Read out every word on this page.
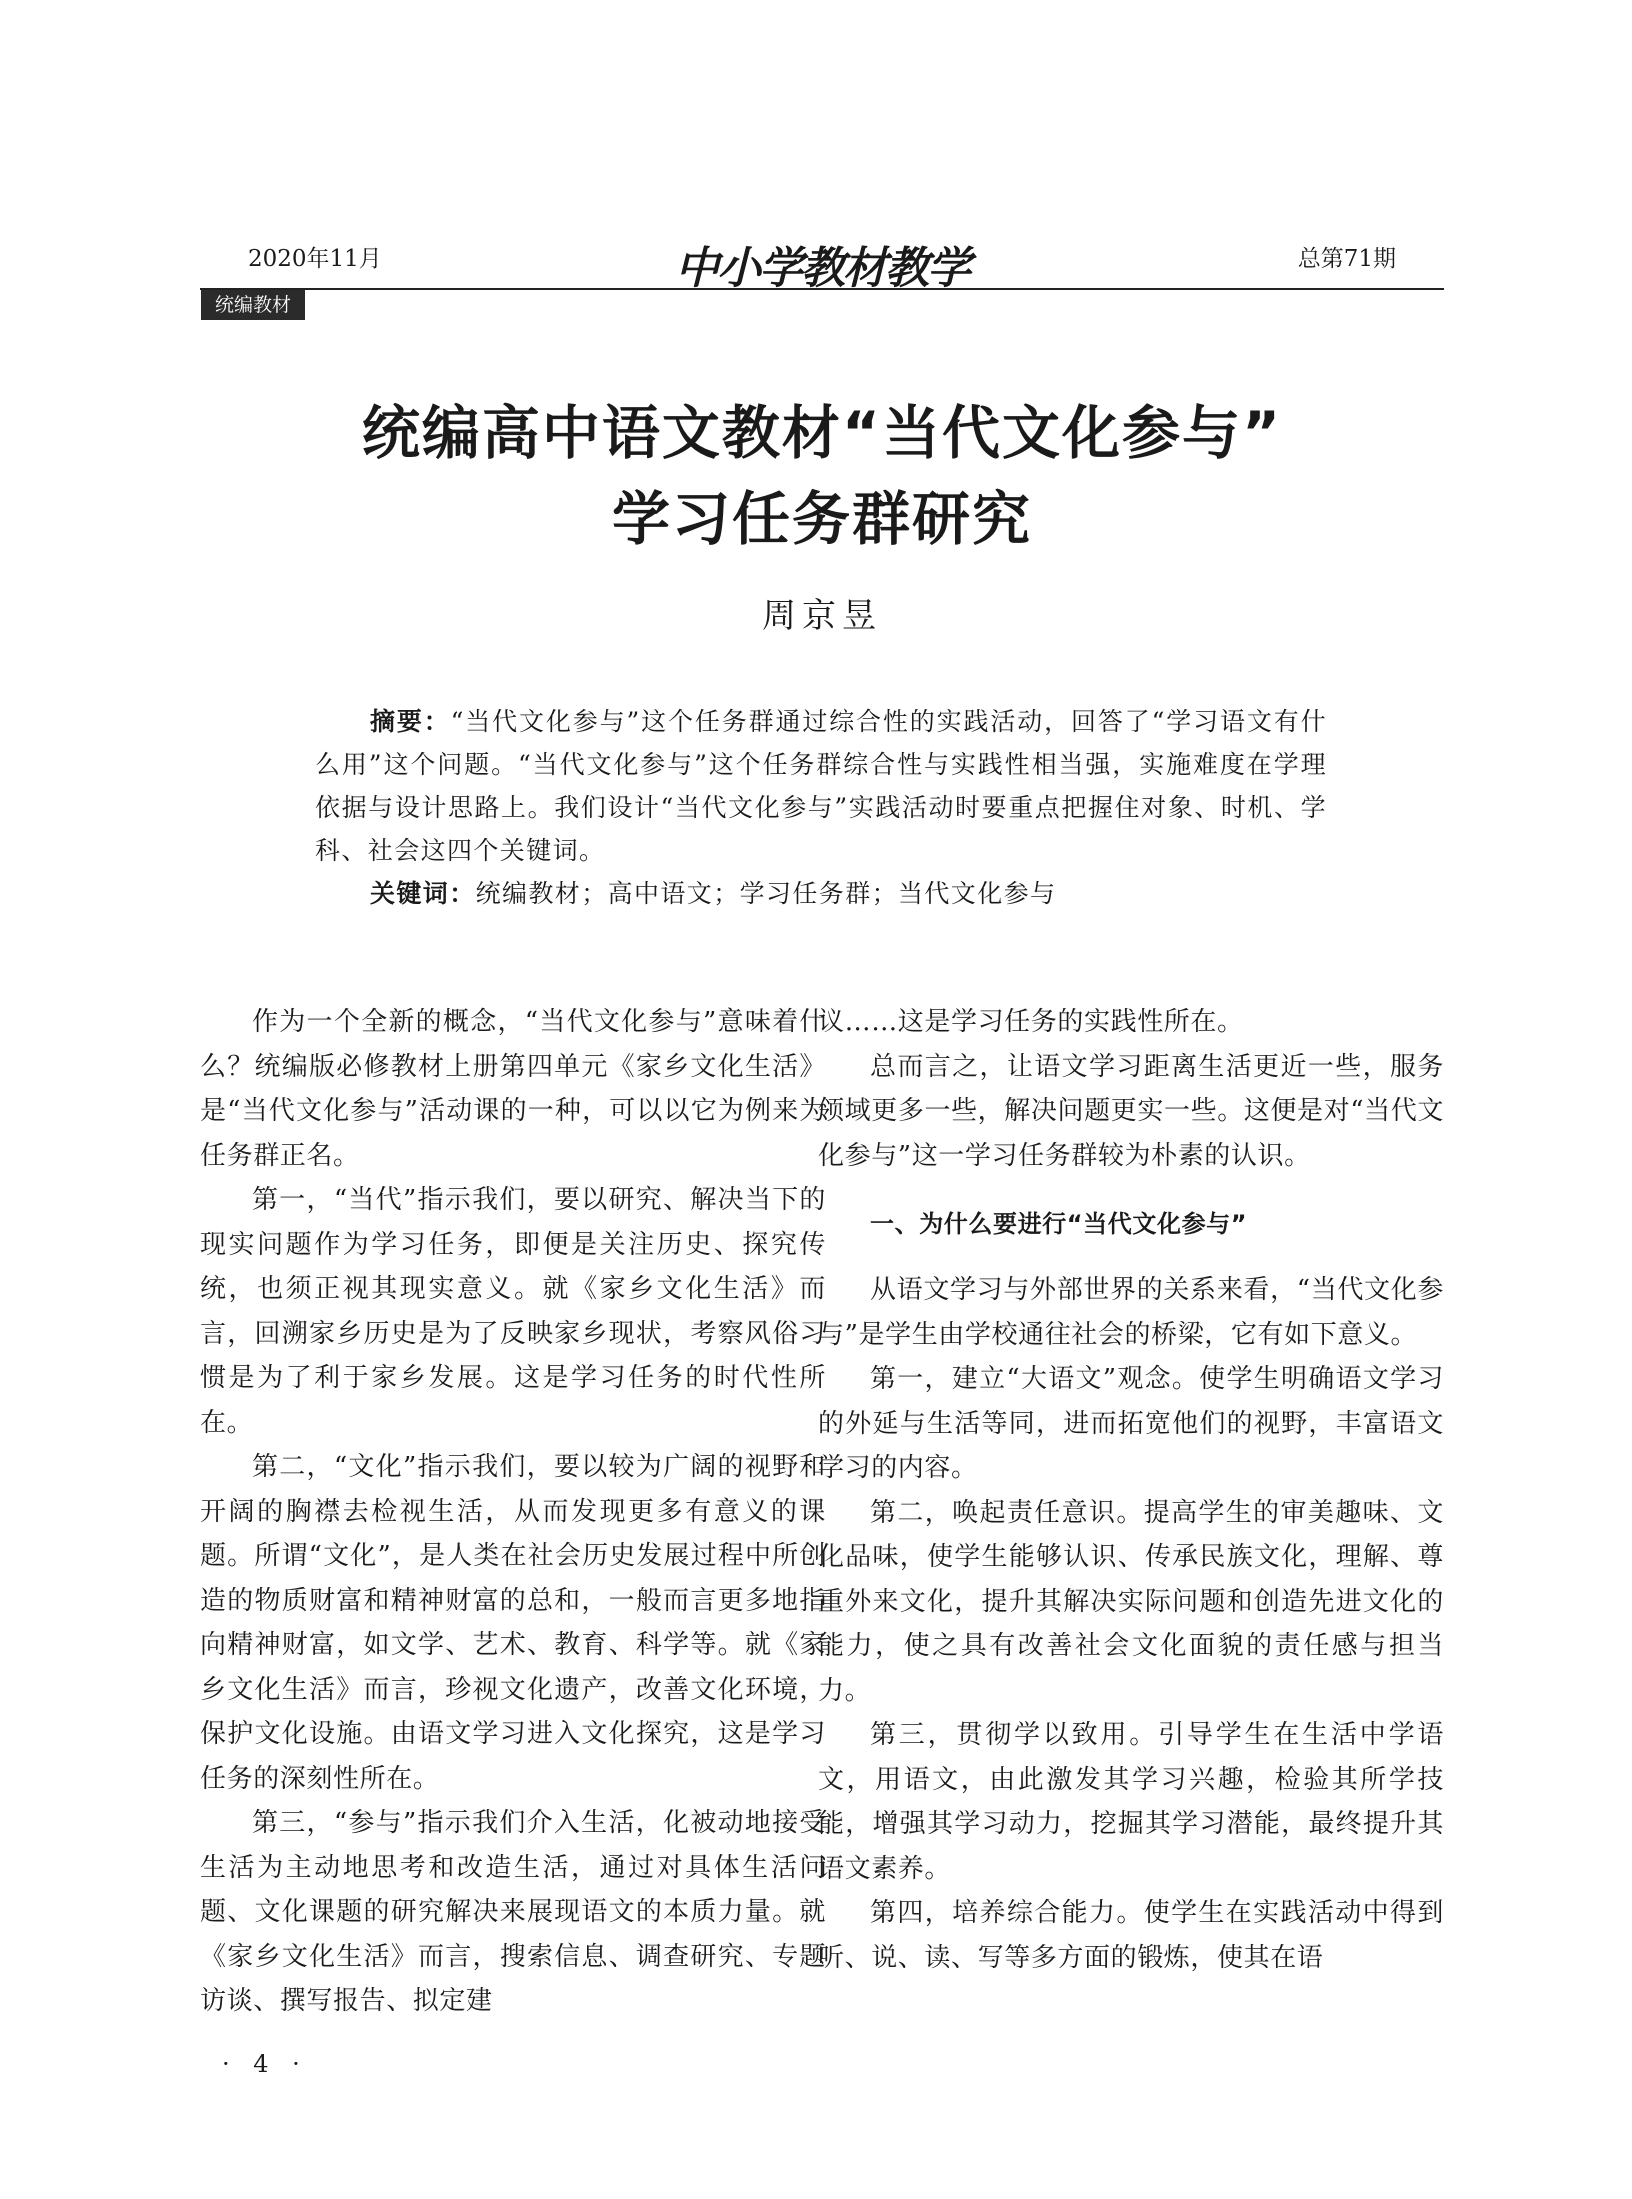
2020年11月	中小学教材教学	总第71期
统编教材
统编高中语文教材“当代文化参与”
学习任务群研究
周京昱

摘要：“当代文化参与”这个任务群通过综合性的实践活动，回答了“学习语文有什么用”这个问题。“当代文化参与”这个任务群综合性与实践性相当强，实施难度在学理依据与设计思路上。我们设计“当代文化参与”实践活动时要重点把握住对象、时机、学科、社会这四个关键词。

关键词：统编教材；高中语文；学习任务群；当代文化参与

作为一个全新的概念，“当代文化参与”意味着什么？统编版必修教材上册第四单元《家乡文化生活》是“当代文化参与”活动课的一种，可以以它为例来为任务群正名。

第一，“当代”指示我们，要以研究、解决当下的现实问题作为学习任务，即便是关注历史、探究传统，也须正视其现实意义。就《家乡文化生活》而言，回溯家乡历史是为了反映家乡现状，考察风俗习惯是为了利于家乡发展。这是学习任务的时代性所在。

第二，“文化”指示我们，要以较为广阔的视野和开阔的胸襟去检视生活，从而发现更多有意义的课题。所谓“文化”，是人类在社会历史发展过程中所创造的物质财富和精神财富的总和，一般而言更多地指向精神财富，如文学、艺术、教育、科学等。就《家乡文化生活》而言，珍视文化遗产，改善文化环境，保护文化设施。由语文学习进入文化探究，这是学习任务的深刻性所在。

第三，“参与”指示我们介入生活，化被动地接受生活为主动地思考和改造生活，通过对具体生活问题、文化课题的研究解决来展现语文的本质力量。就《家乡文化生活》而言，搜索信息、调查研究、专题访谈、撰写报告、拟定建

议……这是学习任务的实践性所在。

总而言之，让语文学习距离生活更近一些，服务领域更多一些，解决问题更实一些。这便是对“当代文化参与”这一学习任务群较为朴素的认识。

一、为什么要进行“当代文化参与”

从语文学习与外部世界的关系来看，“当代文化参与”是学生由学校通往社会的桥梁，它有如下意义。

第一，建立“大语文”观念。使学生明确语文学习的外延与生活等同，进而拓宽他们的视野，丰富语文学习的内容。

第二，唤起责任意识。提高学生的审美趣味、文化品味，使学生能够认识、传承民族文化，理解、尊重外来文化，提升其解决实际问题和创造先进文化的能力，使之具有改善社会文化面貌的责任感与担当力。

第三，贯彻学以致用。引导学生在生活中学语文，用语文，由此激发其学习兴趣，检验其所学技能，增强其学习动力，挖掘其学习潜能，最终提升其语文素养。

第四，培养综合能力。使学生在实践活动中得到听、说、读、写等多方面的锻炼，使其在语

· 4 ·
